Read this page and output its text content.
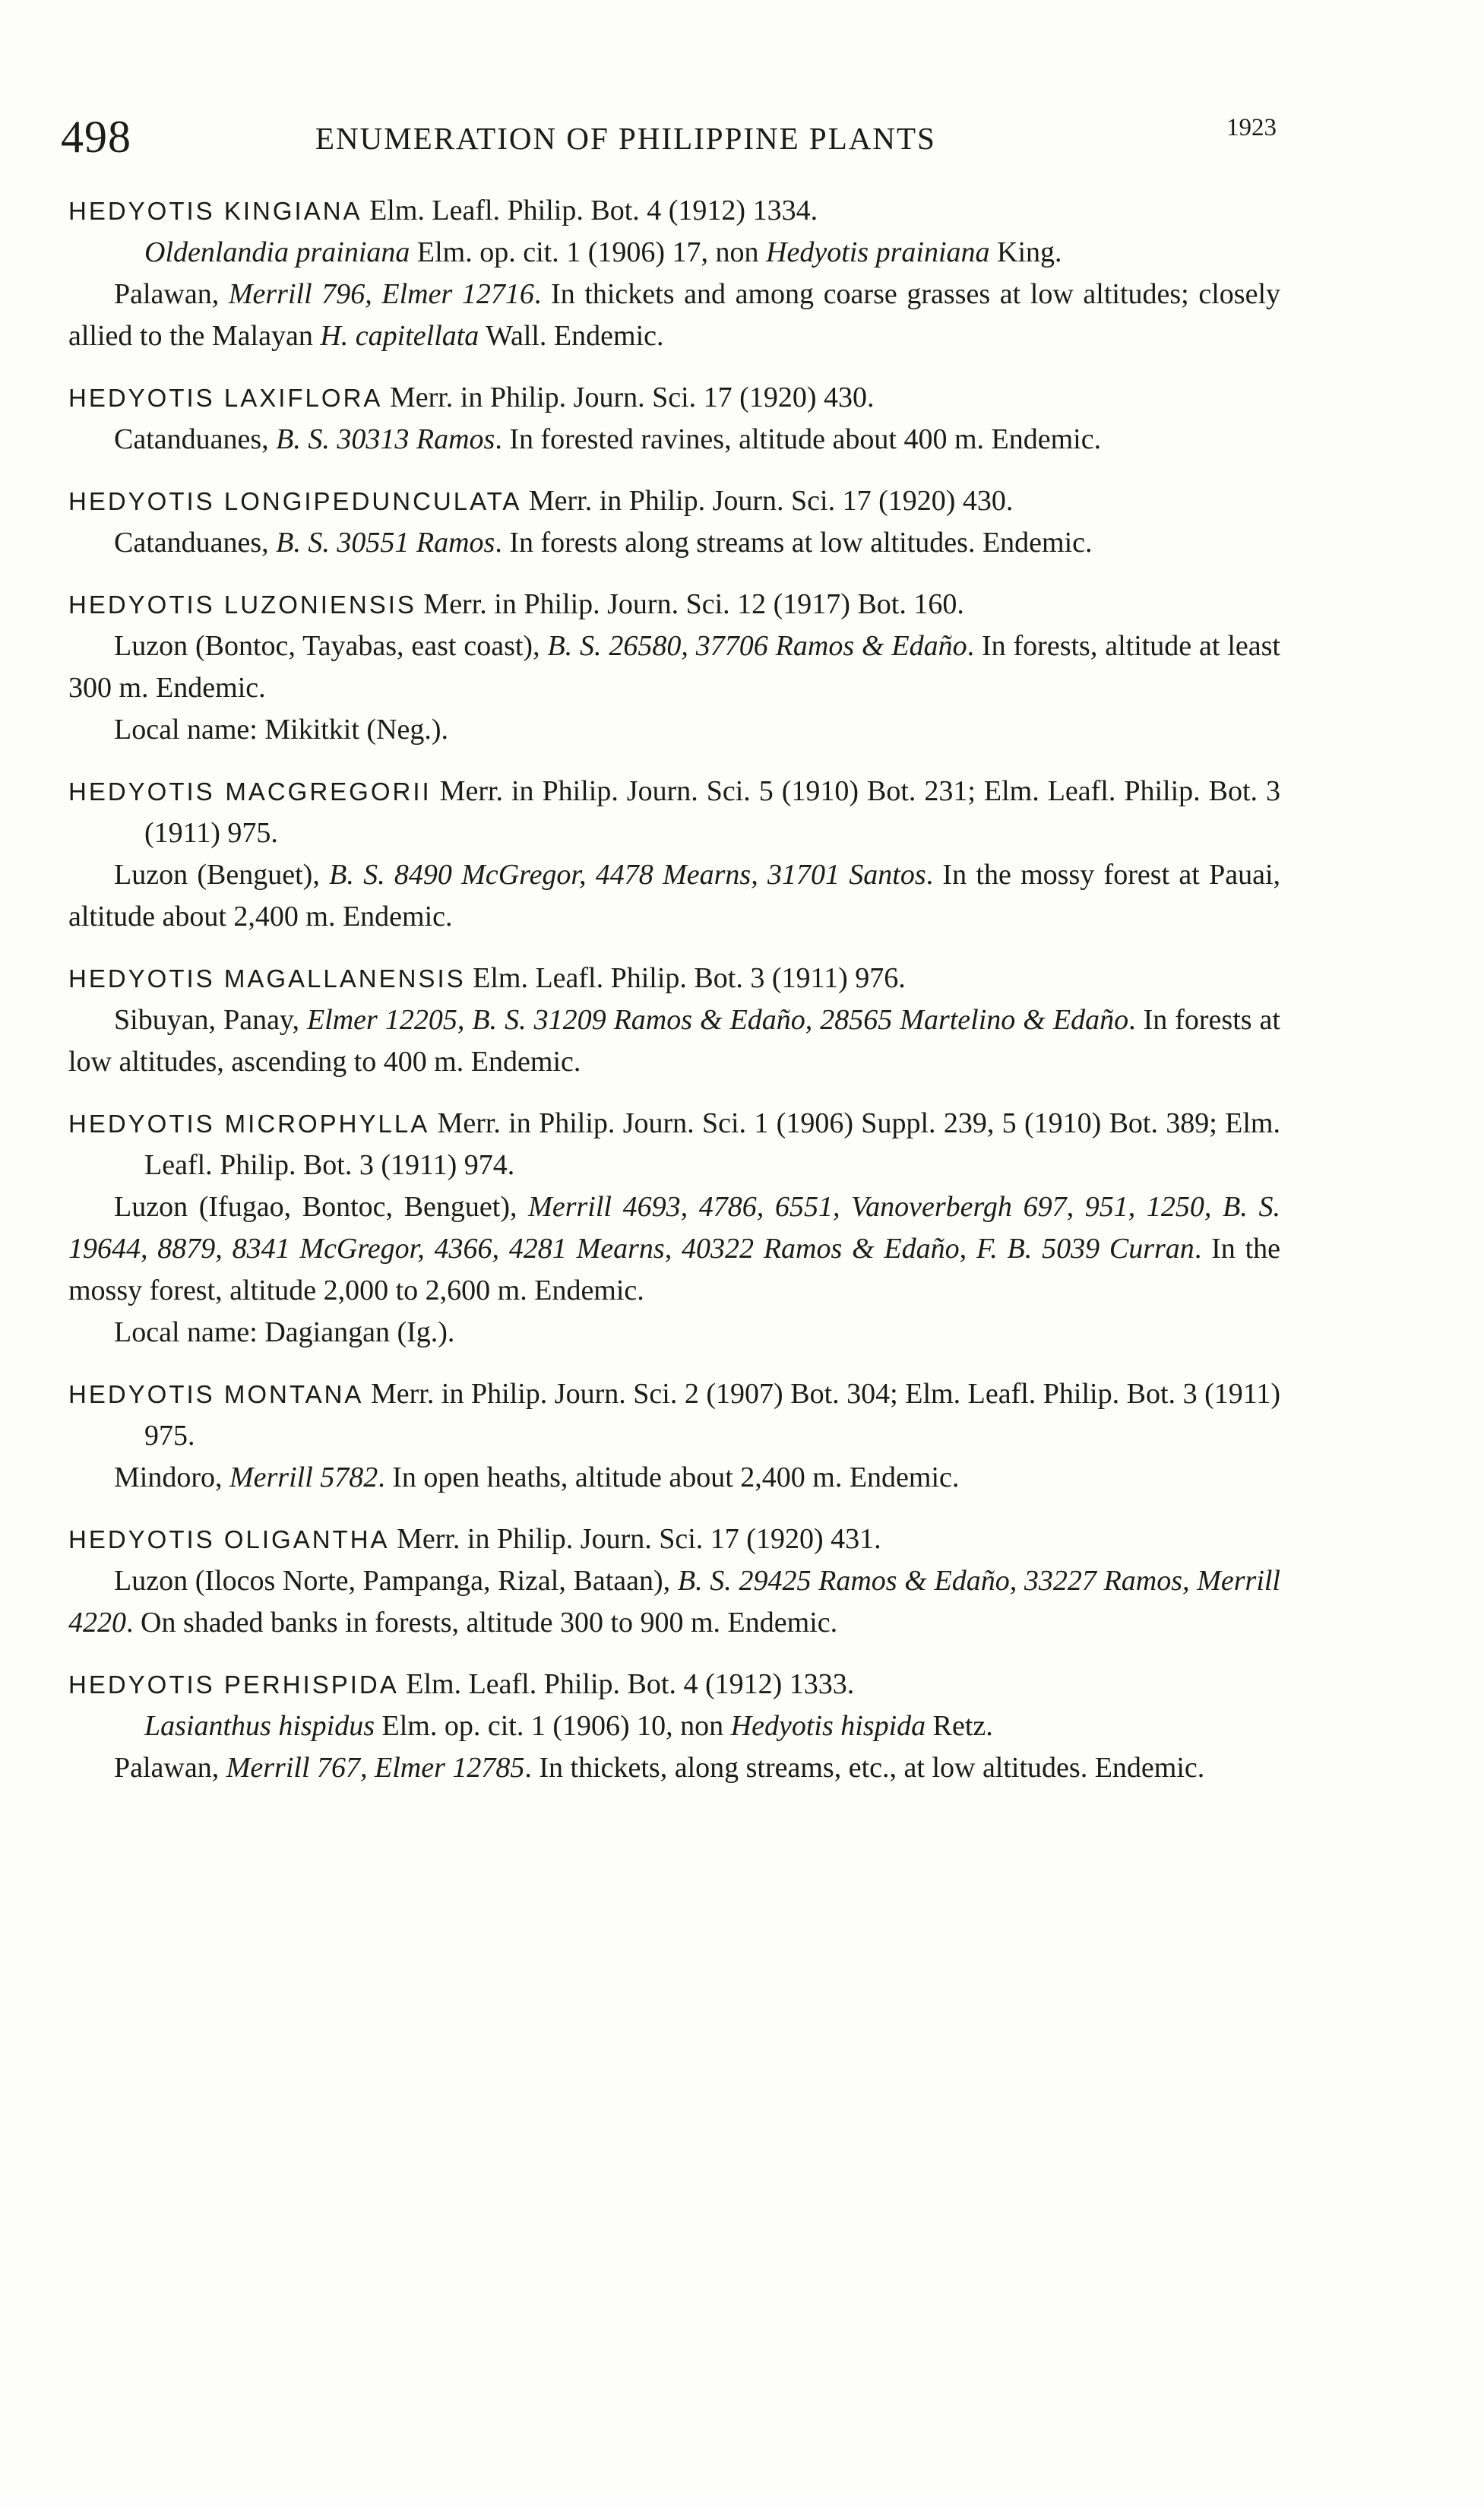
498	ENUMERATION OF PHILIPPINE PLANTS	1923

HEDYOTIS KINGIANA Elm. Leafl. Philip. Bot. 4 (1912) 1334.

Oldenlandia prainiana Elm. op. cit. 1 (1906) 17, non Hedyotis prainiana King.

Palawan, Merrill 796, Elmer 12716. In thickets and among coarse grasses at low altitudes; closely allied to the Malayan H. capitellata Wall. Endemic.

HEDYOTIS LAXIFLORA Merr. in Philip. Journ. Sci. 17 (1920) 430.

Catanduanes, B. S. 30313 Ramos. In forested ravines, altitude about 400 m. Endemic.

HEDYOTIS LONGIPEDUNCULATA Merr. in Philip. Journ. Sci. 17 (1920) 430.

Catanduanes, B. S. 30551 Ramos. In forests along streams at low altitudes. Endemic.

HEDYOTIS LUZONIENSIS Merr. in Philip. Journ. Sci. 12 (1917) Bot. 160.

Luzon (Bontoc, Tayabas, east coast), B. S. 26580, 37706 Ramos & Edaño. In forests, altitude at least 300 m. Endemic.

Local name: Mikitkit (Neg.).

HEDYOTIS MACGREGORII Merr. in Philip. Journ. Sci. 5 (1910) Bot. 231; Elm. Leafl. Philip. Bot. 3 (1911) 975.

Luzon (Benguet), B. S. 8490 McGregor, 4478 Mearns, 31701 Santos. In the mossy forest at Pauai, altitude about 2,400 m. Endemic.

HEDYOTIS MAGALLANENSIS Elm. Leafl. Philip. Bot. 3 (1911) 976.

Sibuyan, Panay, Elmer 12205, B. S. 31209 Ramos & Edaño, 28565 Martelino & Edaño. In forests at low altitudes, ascending to 400 m. Endemic.

HEDYOTIS MICROPHYLLA Merr. in Philip. Journ. Sci. 1 (1906) Suppl. 239, 5 (1910) Bot. 389; Elm. Leafl. Philip. Bot. 3 (1911) 974.

Luzon (Ifugao, Bontoc, Benguet), Merrill 4693, 4786, 6551, Vanoverbergh 697, 951, 1250, B. S. 19644, 8879, 8341 McGregor, 4366, 4281 Mearns, 40322 Ramos & Edaño, F. B. 5039 Curran. In the mossy forest, altitude 2,000 to 2,600 m. Endemic.

Local name: Dagiangan (Ig.).

HEDYOTIS MONTANA Merr. in Philip. Journ. Sci. 2 (1907) Bot. 304; Elm. Leafl. Philip. Bot. 3 (1911) 975.

Mindoro, Merrill 5782. In open heaths, altitude about 2,400 m. Endemic.

HEDYOTIS OLIGANTHA Merr. in Philip. Journ. Sci. 17 (1920) 431.

Luzon (Ilocos Norte, Pampanga, Rizal, Bataan), B. S. 29425 Ramos & Edaño, 33227 Ramos, Merrill 4220. On shaded banks in forests, altitude 300 to 900 m. Endemic.

HEDYOTIS PERHISPIDA Elm. Leafl. Philip. Bot. 4 (1912) 1333.

Lasianthus hispidus Elm. op. cit. 1 (1906) 10, non Hedyotis hispida Retz.

Palawan, Merrill 767, Elmer 12785. In thickets, along streams, etc., at low altitudes. Endemic.
